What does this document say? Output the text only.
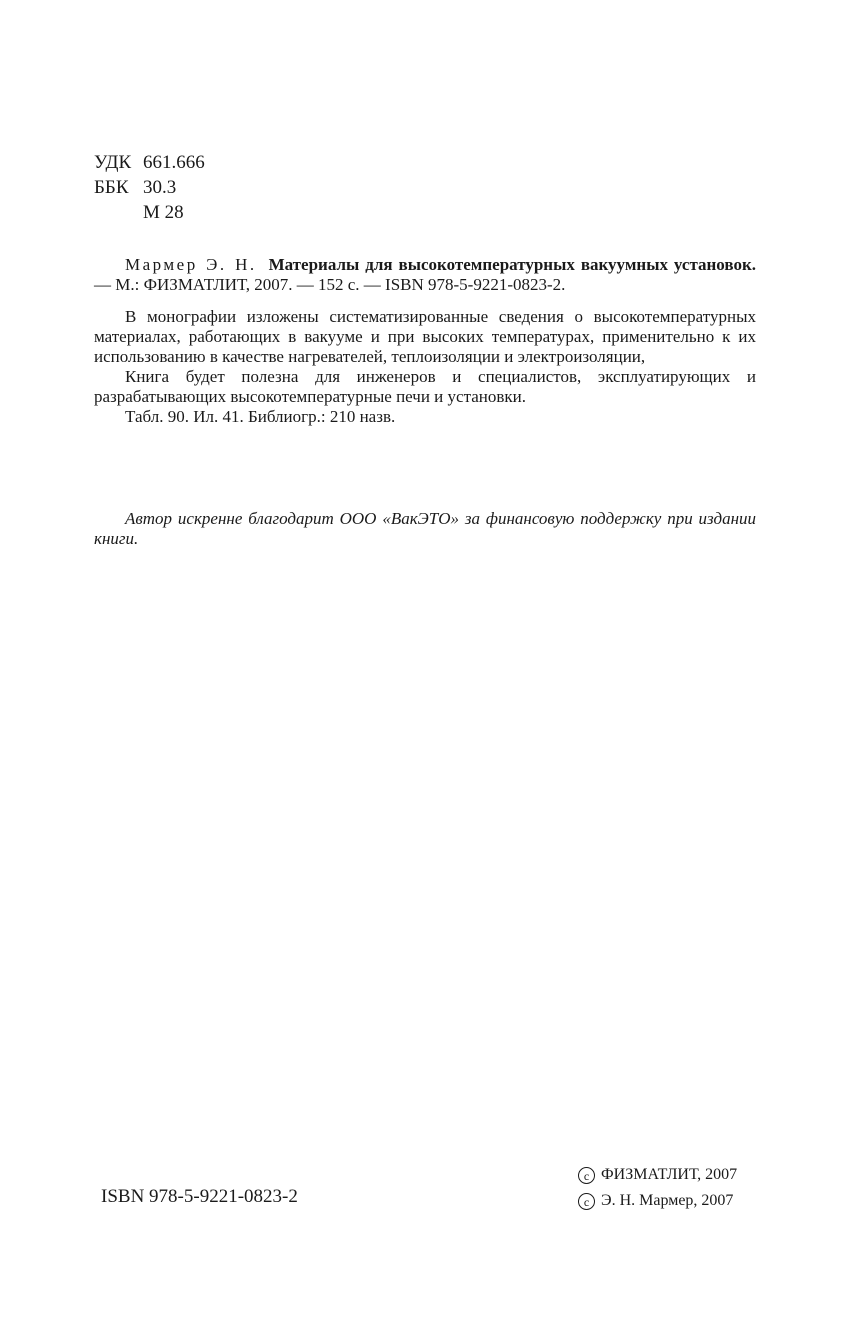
УДК 661.666
ББК 30.3
М 28

Мармер Э. Н. Материалы для высокотемпературных вакуумных установок. — М.: ФИЗМАТЛИТ, 2007. — 152 с. — ISBN 978-5-9221-0823-2.

В монографии изложены систематизированные сведения о высокотемпературных материалах, работающих в вакууме и при высоких температурах, применительно к их использованию в качестве нагревателей, теплоизоляции и электроизоляции,

Книга будет полезна для инженеров и специалистов, эксплуатирующих и разрабатывающих высокотемпературные печи и установки.

Табл. 90. Ил. 41. Библиогр.: 210 назв.

Автор искренне благодарит ООО «ВакЭТО» за финансовую поддержку при издании книги.

ISBN 978-5-9221-0823-2
c ФИЗМАТЛИТ, 2007
c Э. Н. Мармер, 2007
